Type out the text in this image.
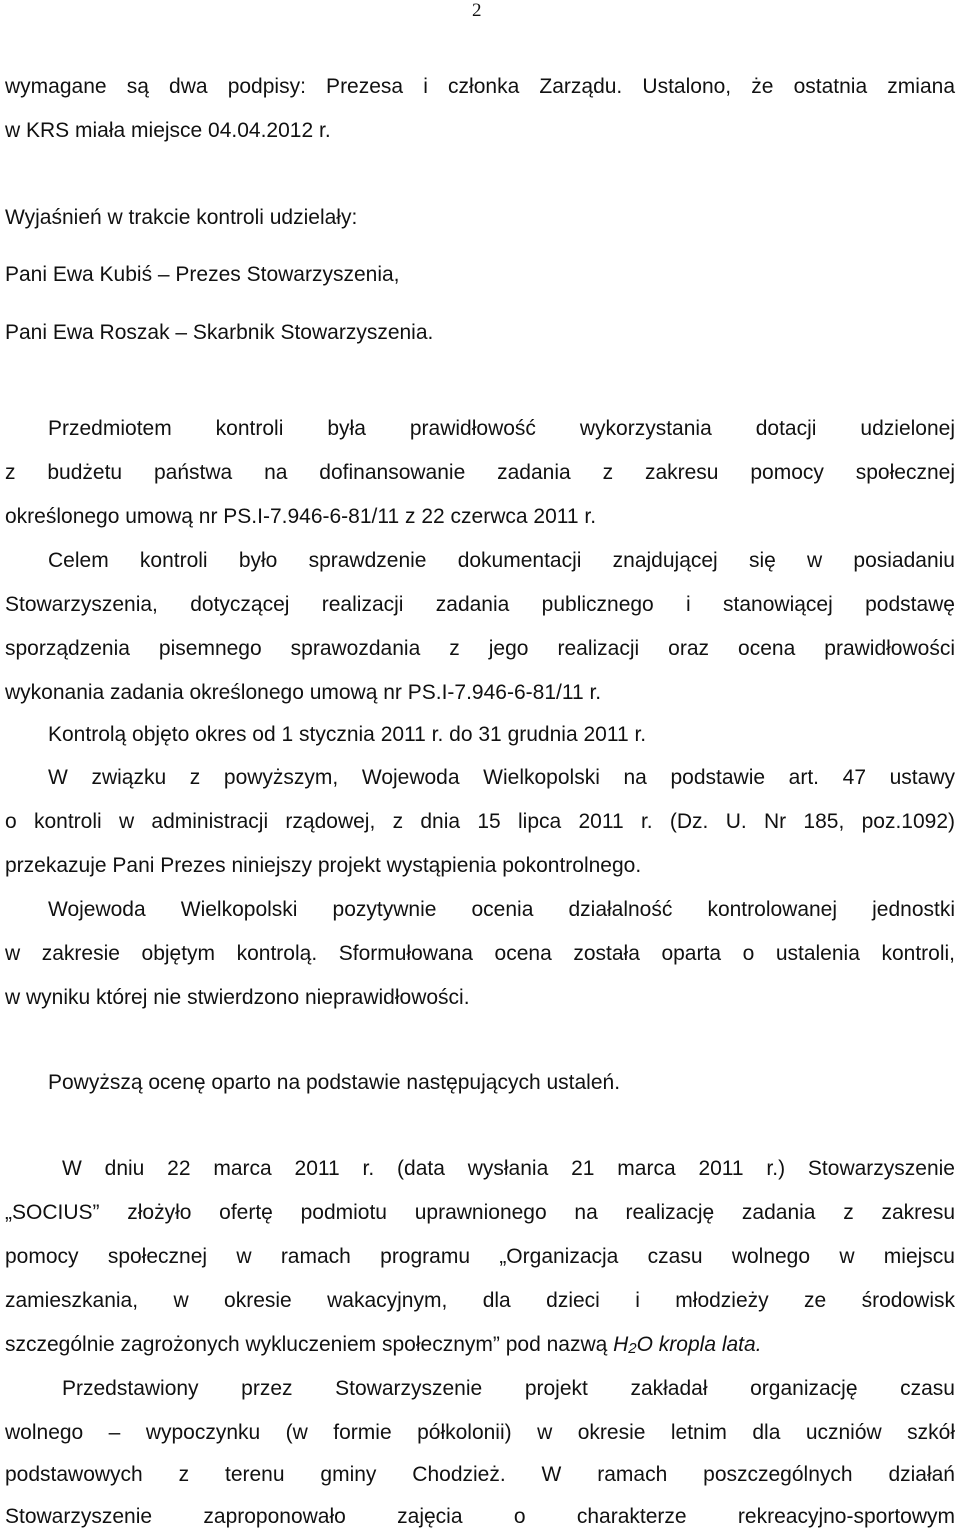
2
wymagane są dwa podpisy: Prezesa i członka Zarządu. Ustalono, że ostatnia zmiana
w KRS miała miejsce 04.04.2012 r.
Wyjaśnień w trakcie kontroli udzielały:
Pani Ewa Kubiś – Prezes Stowarzyszenia,
Pani Ewa Roszak – Skarbnik Stowarzyszenia.
Przedmiotem kontroli była prawidłowość wykorzystania dotacji udzielonej
z budżetu państwa na dofinansowanie zadania z zakresu pomocy społecznej
określonego umową nr PS.I-7.946-6-81/11 z 22 czerwca 2011 r.
Celem kontroli było sprawdzenie dokumentacji znajdującej się w posiadaniu
Stowarzyszenia, dotyczącej realizacji zadania publicznego i stanowiącej podstawę
sporządzenia pisemnego sprawozdania z jego realizacji oraz ocena prawidłowości
wykonania zadania określonego umową nr PS.I-7.946-6-81/11 r.
Kontrolą objęto okres od 1 stycznia 2011 r. do 31 grudnia 2011 r.
W związku z powyższym, Wojewoda Wielkopolski na podstawie art. 47 ustawy
o kontroli w administracji rządowej, z dnia 15 lipca 2011 r. (Dz. U. Nr 185, poz.1092)
przekazuje Pani Prezes niniejszy projekt wystąpienia pokontrolnego.
Wojewoda Wielkopolski pozytywnie ocenia działalność kontrolowanej jednostki
w zakresie objętym kontrolą. Sformułowana ocena została oparta o ustalenia kontroli,
w wyniku której nie stwierdzono nieprawidłowości.
Powyższą ocenę oparto na podstawie następujących ustaleń.
W dniu 22 marca 2011 r. (data wysłania 21 marca 2011 r.) Stowarzyszenie
„SOCIUS” złożyło ofertę podmiotu uprawnionego na realizację zadania z zakresu
pomocy społecznej w ramach programu „Organizacja czasu wolnego w miejscu
zamieszkania, w okresie wakacyjnym, dla dzieci i młodzieży ze środowisk
szczególnie zagrożonych wykluczeniem społecznym” pod nazwą $H_2O$ kropla lata.
Przedstawiony przez Stowarzyszenie projekt zakładał organizację czasu
wolnego – wypoczynku (w formie półkolonii) w okresie letnim dla uczniów szkół
podstawowych z terenu gminy Chodzież. W ramach poszczególnych działań
Stowarzyszenie zaproponowało zajęcia o charakterze rekreacyjno-sportowym
